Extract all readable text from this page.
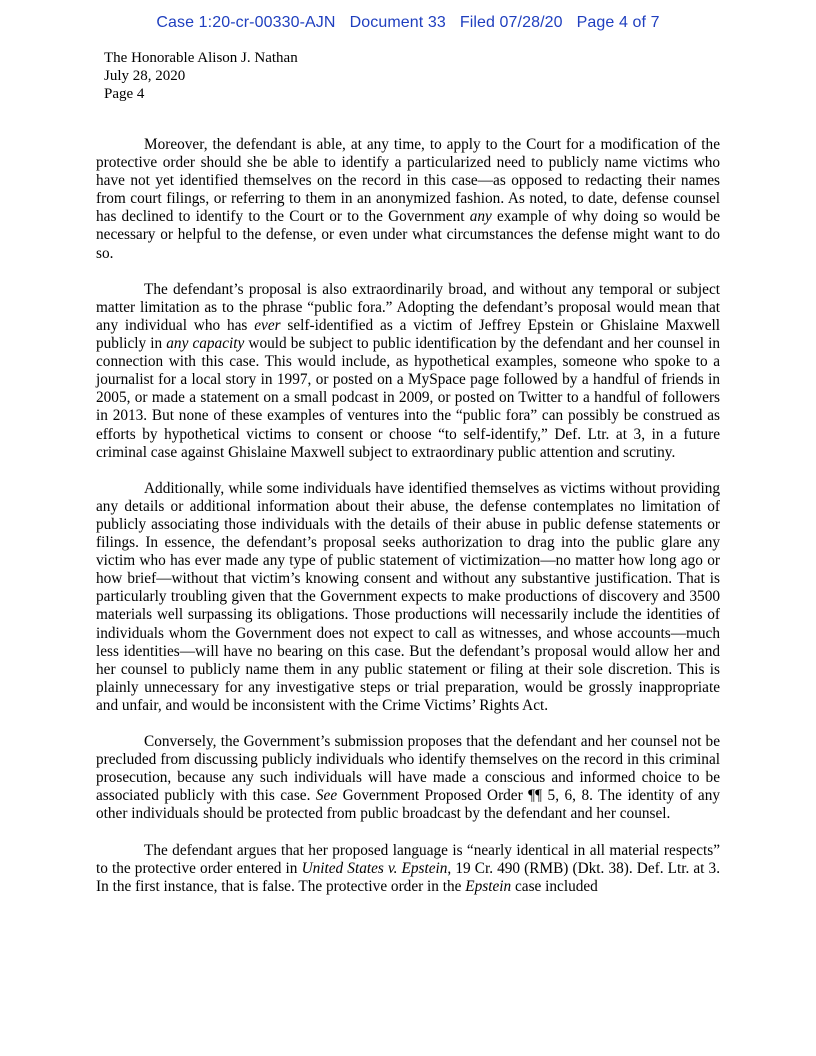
Case 1:20-cr-00330-AJN Document 33 Filed 07/28/20 Page 4 of 7
The Honorable Alison J. Nathan
July 28, 2020
Page 4

Moreover, the defendant is able, at any time, to apply to the Court for a modification of the protective order should she be able to identify a particularized need to publicly name victims who have not yet identified themselves on the record in this case—as opposed to redacting their names from court filings, or referring to them in an anonymized fashion. As noted, to date, defense counsel has declined to identify to the Court or to the Government any example of why doing so would be necessary or helpful to the defense, or even under what circumstances the defense might want to do so.

The defendant’s proposal is also extraordinarily broad, and without any temporal or subject matter limitation as to the phrase “public fora.” Adopting the defendant’s proposal would mean that any individual who has ever self-identified as a victim of Jeffrey Epstein or Ghislaine Maxwell publicly in any capacity would be subject to public identification by the defendant and her counsel in connection with this case. This would include, as hypothetical examples, someone who spoke to a journalist for a local story in 1997, or posted on a MySpace page followed by a handful of friends in 2005, or made a statement on a small podcast in 2009, or posted on Twitter to a handful of followers in 2013. But none of these examples of ventures into the “public fora” can possibly be construed as efforts by hypothetical victims to consent or choose “to self-identify,” Def. Ltr. at 3, in a future criminal case against Ghislaine Maxwell subject to extraordinary public attention and scrutiny.

Additionally, while some individuals have identified themselves as victims without providing any details or additional information about their abuse, the defense contemplates no limitation of publicly associating those individuals with the details of their abuse in public defense statements or filings. In essence, the defendant’s proposal seeks authorization to drag into the public glare any victim who has ever made any type of public statement of victimization—no matter how long ago or how brief—without that victim’s knowing consent and without any substantive justification. That is particularly troubling given that the Government expects to make productions of discovery and 3500 materials well surpassing its obligations. Those productions will necessarily include the identities of individuals whom the Government does not expect to call as witnesses, and whose accounts—much less identities—will have no bearing on this case. But the defendant’s proposal would allow her and her counsel to publicly name them in any public statement or filing at their sole discretion. This is plainly unnecessary for any investigative steps or trial preparation, would be grossly inappropriate and unfair, and would be inconsistent with the Crime Victims’ Rights Act.

Conversely, the Government’s submission proposes that the defendant and her counsel not be precluded from discussing publicly individuals who identify themselves on the record in this criminal prosecution, because any such individuals will have made a conscious and informed choice to be associated publicly with this case. See Government Proposed Order ¶¶ 5, 6, 8. The identity of any other individuals should be protected from public broadcast by the defendant and her counsel.

The defendant argues that her proposed language is “nearly identical in all material respects” to the protective order entered in United States v. Epstein, 19 Cr. 490 (RMB) (Dkt. 38). Def. Ltr. at 3. In the first instance, that is false. The protective order in the Epstein case included
